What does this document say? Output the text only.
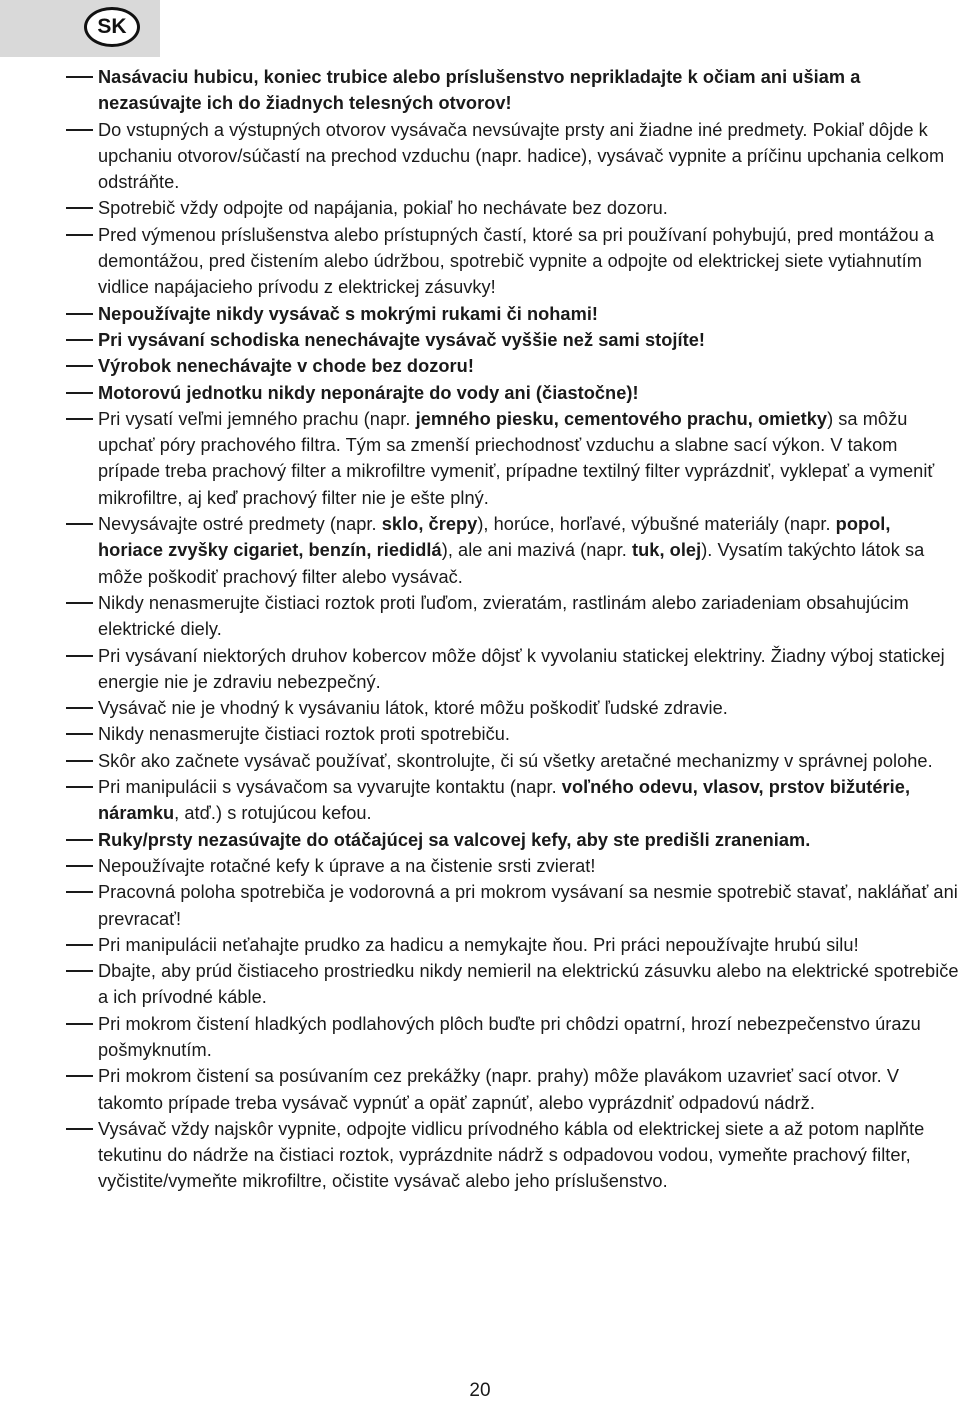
SK
Nasávaciu hubicu, koniec trubice alebo príslušenstvo neprikladajte k očiam ani ušiam a nezasúvajte ich do žiadnych telesných otvorov!
Do vstupných a výstupných otvorov vysávača nevsúvajte prsty ani žiadne iné predmety. Pokiaľ dôjde k upchaniu otvorov/súčastí na prechod vzduchu (napr. hadice), vysávač vypnite a príčinu upchania celkom odstráňte.
Spotrebič vždy odpojte od napájania, pokiaľ ho nechávate bez dozoru.
Pred výmenou príslušenstva alebo prístupných častí, ktoré sa pri používaní pohybujú, pred montážou a demontážou, pred čistením alebo údržbou, spotrebič vypnite a odpojte od elektrickej siete vytiahnutím vidlice napájacieho prívodu z elektrickej zásuvky!
Nepoužívajte nikdy vysávač s mokrými rukami či nohami!
Pri vysávaní schodiska nenechávajte vysávač vyššie než sami stojíte!
Výrobok nenechávajte v chode bez dozoru!
Motorovú jednotku nikdy neponárajte do vody ani (čiastočne)!
Pri vysatí veľmi jemného prachu (napr. jemného piesku, cementového prachu, omietky) sa môžu upchať póry prachového filtra. Tým sa zmenší priechodnosť vzduchu a slabne sací výkon. V takom prípade treba prachový filter a mikrofiltre vymeniť, prípadne textilný filter vyprázdniť, vyklepať a vymeniť mikrofiltre, aj keď prachový filter nie je ešte plný.
Nevysávajte ostré predmety (napr. sklo, črepy), horúce, horľavé, výbušné materiály (napr. popol, horiace zvyšky cigariet, benzín, riedidlá), ale ani mazivá (napr. tuk, olej). Vysatím takýchto látok sa môže poškodiť prachový filter alebo vysávač.
Nikdy nenasmerujte čistiaci roztok proti ľuďom, zvieratám, rastlinám alebo zariadeniam obsahujúcim elektrické diely.
Pri vysávaní niektorých druhov kobercov môže dôjsť k vyvolaniu statickej elektriny. Žiadny výboj statickej energie nie je zdraviu nebezpečný.
Vysávač nie je vhodný k vysávaniu látok, ktoré môžu poškodiť ľudské zdravie.
Nikdy nenasmerujte čistiaci roztok proti spotrebiču.
Skôr ako začnete vysávač používať, skontrolujte, či sú všetky aretačné mechanizmy v správnej polohe.
Pri manipulácii s vysávačom sa vyvarujte kontaktu (napr. voľného odevu, vlasov, prstov bižutérie, náramku, atď.) s rotujúcou kefou.
Ruky/prsty nezasúvajte do otáčajúcej sa valcovej kefy, aby ste predišli zraneniam.
Nepoužívajte rotačné kefy k úprave a na čistenie srsti zvierat!
Pracovná poloha spotrebiča je vodorovná a pri mokrom vysávaní sa nesmie spotrebič stavať, nakláňať ani prevracať!
Pri manipulácii neťahajte prudko za hadicu a nemykajte ňou. Pri práci nepoužívajte hrubú silu!
Dbajte, aby prúd čistiaceho prostriedku nikdy nemieril na elektrickú zásuvku alebo na elektrické spotrebiče a ich prívodné káble.
Pri mokrom čistení hladkých podlahových plôch buďte pri chôdzi opatrní, hrozí nebezpečenstvo úrazu pošmyknutím.
Pri mokrom čistení sa posúvaním cez prekážky (napr. prahy) môže plavákom uzavrieť sací otvor. V takomto prípade treba vysávač vypnúť a opäť zapnúť, alebo vyprázdniť odpadovú nádrž.
Vysávač vždy najskôr vypnite, odpojte vidlicu prívodného kábla od elektrickej siete a až potom naplňte tekutinu do nádrže na čistiaci roztok, vyprázdnite nádrž s odpadovou vodou, vymeňte prachový filter, vyčistite/vymeňte mikrofiltre, očistite vysávač alebo jeho príslušenstvo.
20
